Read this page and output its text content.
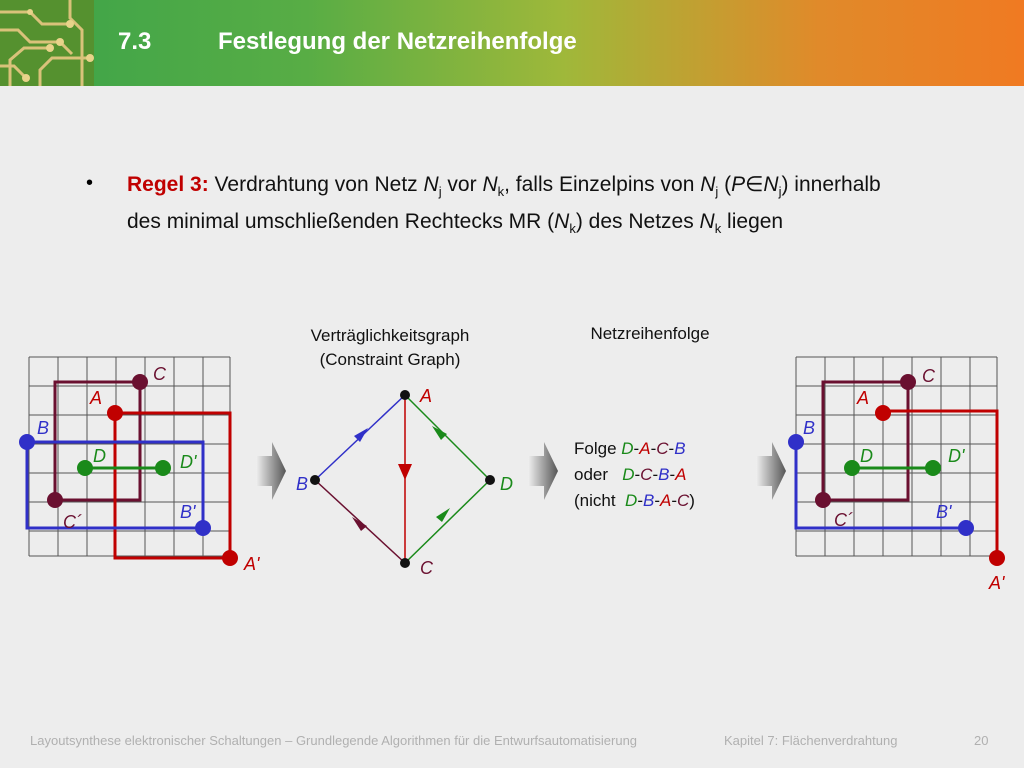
7.3	Festlegung der Netzreihenfolge
• Regel 3: Verdrahtung von Netz $N_j$ vor $N_k$, falls Einzelpins von $N_j$ $(P\in N_j)$ innerhalb
des minimal umschließenden Rechtecks MR $(N_k)$ des Netzes $N_k$ liegen
Verträglichkeitsgraph
(Constraint Graph)
Netzreihenfolge
C
A
B
D	D'
C´	B'
A'
A
B
C
D
Folge D-A-C-B
oder D-C-B-A
(nicht D-B-A-C)
C
A
B
D	D'
C´	B'
A'
Layoutsynthese elektronischer Schaltungen – Grundlegende Algorithmen für die Entwurfsautomatisierung	Kapitel 7: Flächenverdrahtung	20
